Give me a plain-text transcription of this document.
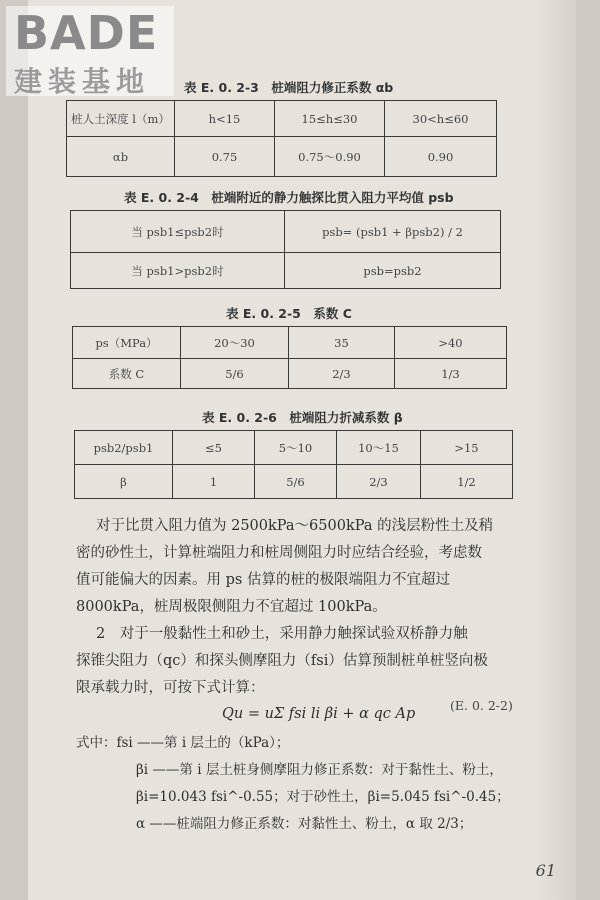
BADE
建装基地	表 E. 0. 2-3　桩端阻力修正系数 αb
桩人土深度 l（m）	h<15	15≤h≤30	30<h≤60
αb	0.75	0.75～0.90	0.90
表 E. 0. 2-4　桩端附近的静力触探比贯入阻力平均值 psb
当 psb1≤psb2时	psb= (psb1 + βpsb2) / 2
当 psb1>psb2时	psb=psb2
表 E. 0. 2-5　系数 C
ps（MPa）	20～30	35	>40
系数 C	5/6	2/3	1/3
表 E. 0. 2-6　桩端阻力折减系数 β
psb2/psb1	≤5	5～10	10～15	>15
β	1	5/6	2/3	1/2
对于比贯入阻力值为 2500kPa～6500kPa 的浅层粉性土及稍
密的砂性土，计算桩端阻力和桩周侧阻力时应结合经验，考虑数
值可能偏大的因素。用 ps 估算的桩的极限端阻力不宜超过
8000kPa，桩周极限侧阻力不宜超过 100kPa。
2　对于一般黏性土和砂土，采用静力触探试验双桥静力触
探锥尖阻力（qc）和探头侧摩阻力（fsi）估算预制桩单桩竖向极
限承载力时，可按下式计算：
Qu = uΣ fsi li βi + α qc Ap
(E. 0. 2-2)
式中：fsi ——第 i 层土的（kPa）；
βi ——第 i 层土桩身侧摩阻力修正系数：对于黏性土、粉土，
βi=10.043 fsi^-0.55；对于砂性土，βi=5.045 fsi^-0.45；
α ——桩端阻力修正系数：对黏性土、粉土，α 取 2/3；
61
